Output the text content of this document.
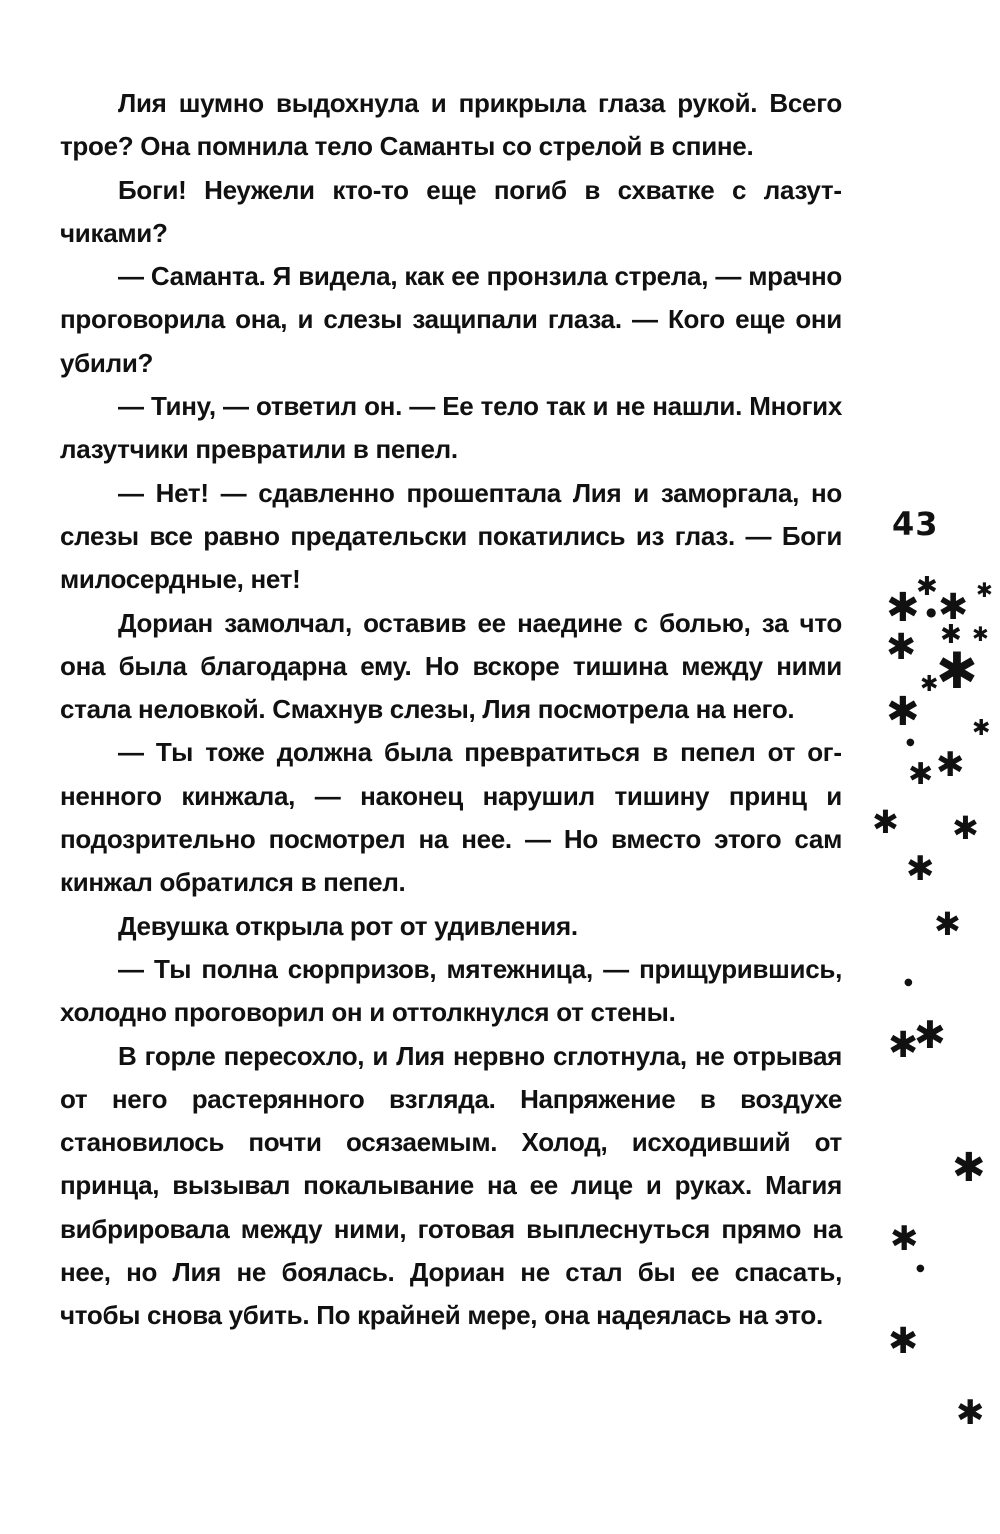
Лия шумно выдохнула и прикрыла глаза рукой. Всего трое? Она помнила тело Саманты со стрелой в спине.

Боги! Неужели кто-то еще погиб в схватке с лазутчиками?

— Саманта. Я видела, как ее пронзила стрела, — мрачно проговорила она, и слезы защипали глаза. — Кого еще они убили?

— Тину, — ответил он. — Ее тело так и не нашли. Многих лазутчики превратили в пепел.

— Нет! — сдавленно прошептала Лия и заморгала, но слезы все равно предательски покатились из глаз. — Боги милосердные, нет!

Дориан замолчал, оставив ее наедине с болью, за что она была благодарна ему. Но вскоре тишина между ними стала неловкой. Смахнув слезы, Лия посмотрела на него.

— Ты тоже должна была превратиться в пепел от огненного кинжала, — наконец нарушил тишину принц и подозрительно посмотрел на нее. — Но вместо этого сам кинжал обратился в пепел.

Девушка открыла рот от удивления.

— Ты полна сюрпризов, мятежница, — прищурившись, холодно проговорил он и оттолкнулся от стены.

В горле пересохло, и Лия нервно сглотнула, не отрывая от него растерянного взгляда. Напряжение в воздухе становилось почти осязаемым. Холод, исходивший от принца, вызывал покалывание на ее лице и руках. Магия вибрировала между ними, готовая выплеснуться прямо на нее, но Лия не боялась. Дориан не стал бы ее спасать, чтобы снова убить. По крайней мере, она надеялась на это.

43
✱
✱ ✱ ✱
●
✱ ✱ ✱
✱
✱
✱ ✱
●
✱ ✱
✱ ✱
✱
✱
●
✱
✱
✱
✱
●
✱
✱
